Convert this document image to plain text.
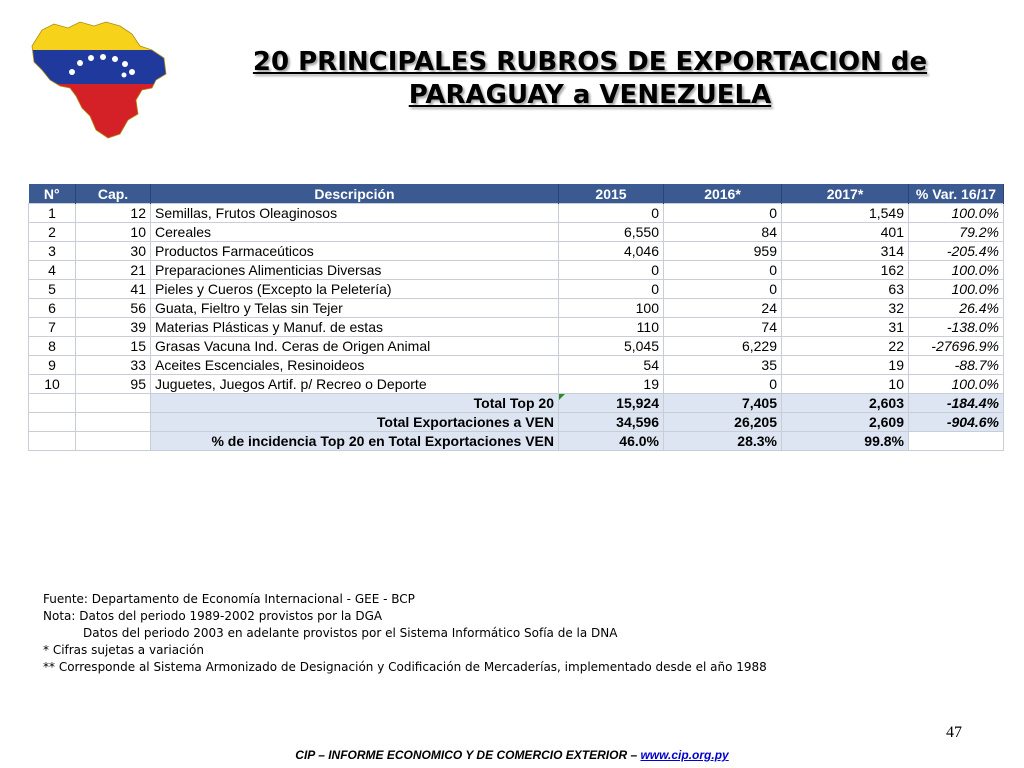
20 PRINCIPALES RUBROS DE EXPORTACION de
PARAGUAY a VENEZUELA
N°	Cap.	Descripción	2015	2016*	2017*	% Var. 16/17
1	12	Semillas, Frutos Oleaginosos	0	0	1,549	100.0%
2	10	Cereales	6,550	84	401	79.2%
3	30	Productos Farmaceúticos	4,046	959	314	-205.4%
4	21	Preparaciones Alimenticias Diversas	0	0	162	100.0%
5	41	Pieles y Cueros (Excepto la Peletería)	0	0	63	100.0%
6	56	Guata, Fieltro y Telas sin Tejer	100	24	32	26.4%
7	39	Materias Plásticas y Manuf. de estas	110	74	31	-138.0%
8	15	Grasas Vacuna Ind. Ceras de Origen Animal	5,045	6,229	22	-27696.9%
9	33	Aceites Escenciales, Resinoideos	54	35	19	-88.7%
10	95	Juguetes, Juegos Artif. p/ Recreo o Deporte	19	0	10	100.0%
		Total Top 20	15,924	7,405	2,603	-184.4%
		Total Exportaciones a VEN	34,596	26,205	2,609	-904.6%
		% de incidencia Top 20 en Total Exportaciones VEN	46.0%	28.3%	99.8%	
Fuente: Departamento de Economía Internacional - GEE - BCP
Nota: Datos del periodo 1989-2002 provistos por la DGA
Datos del periodo 2003 en adelante provistos por el Sistema Informático Sofía de la DNA
* Cifras sujetas a variación
** Corresponde al Sistema Armonizado de Designación y Codificación de Mercaderías, implementado desde el año 1988
47
CIP – INFORME ECONOMICO Y DE COMERCIO EXTERIOR – www.cip.org.py
